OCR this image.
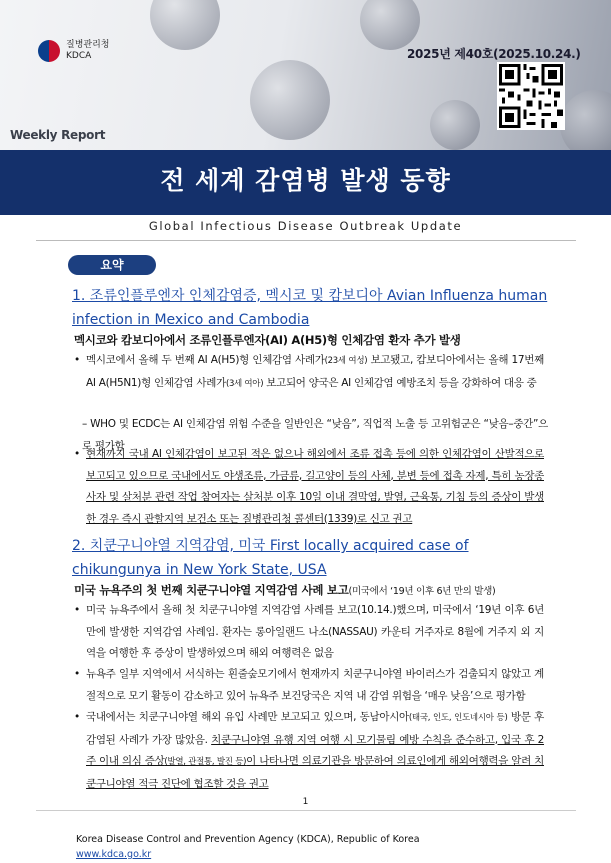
질병관리청
KDCA	2025년 제40호(2025.10.24.)
Weekly Report
전 세계 감염병 발생 동향
Global Infectious Disease Outbreak Update
요약
1. 조류인플루엔자 인체감염증, 멕시코 및 캄보디아 Avian Influenza human infection in Mexico and Cambodia
멕시코와 캄보디아에서 조류인플루엔자(AI) A(H5)형 인체감염 환자 추가 발생
• 멕시코에서 올해 두 번째 AI A(H5)형 인체감염 사례가(23세 여성) 보고됐고, 캄보디아에서는 올해 17번째 AI A(H5N1)형 인체감염 사례가(3세 여아) 보고되어 양국은 AI 인체감염 예방조치 등을 강화하여 대응 중
– WHO 및 ECDC는 AI 인체감염 위험 수준을 일반인은 “낮음”, 직업적 노출 등 고위험군은 “낮음–중간”으로 평가함
• 현재까지 국내 AI 인체감염이 보고된 적은 없으나 해외에서 조류 접촉 등에 의한 인체감염이 산발적으로 보고되고 있으므로 국내에서도 야생조류, 가금류, 길고양이 등의 사체, 분변 등에 접촉 자제, 특히 농장종사자 및 살처분 관련 작업 참여자는 살처분 이후 10일 이내 결막염, 발열, 근육통, 기침 등의 증상이 발생한 경우 즉시 관할지역 보건소 또는 질병관리청 콜센터(1339)로 신고 권고
2. 치쿤구니야열 지역감염, 미국 First locally acquired case of chikungunya in New York State, USA
미국 뉴욕주의 첫 번째 치쿤구니야열 지역감염 사례 보고(미국에서 ‘19년 이후 6년 만의 발생)
• 미국 뉴욕주에서 올해 첫 치쿤구니야열 지역감염 사례를 보고(10.14.)했으며, 미국에서 ‘19년 이후 6년 만에 발생한 지역감염 사례임. 환자는 롱아일랜드 나소(NASSAU) 카운티 거주자로 8월에 거주지 외 지역을 여행한 후 증상이 발생하였으며 해외 여행력은 없음
• 뉴욕주 일부 지역에서 서식하는 흰줄숲모기에서 현재까지 치쿤구니야열 바이러스가 검출되지 않았고 계절적으로 모기 활동이 감소하고 있어 뉴욕주 보건당국은 지역 내 감염 위험을 ‘매우 낮음’으로 평가함
• 국내에서는 치쿤구니야열 해외 유입 사례만 보고되고 있으며, 동남아시아(태국, 인도, 인도네시아 등) 방문 후 감염된 사례가 가장 많았음. 치쿤구니야열 유행 지역 여행 시 모기물림 예방 수칙을 준수하고, 입국 후 2주 이내 의심 증상(발열, 관절통, 발진 등)이 나타나면 의료기관을 방문하여 의료인에게 해외여행력을 알려 치쿤구니야열 적극 진단에 협조할 것을 권고
1
Korea Disease Control and Prevention Agency (KDCA), Republic of Korea
www.kdca.go.kr
